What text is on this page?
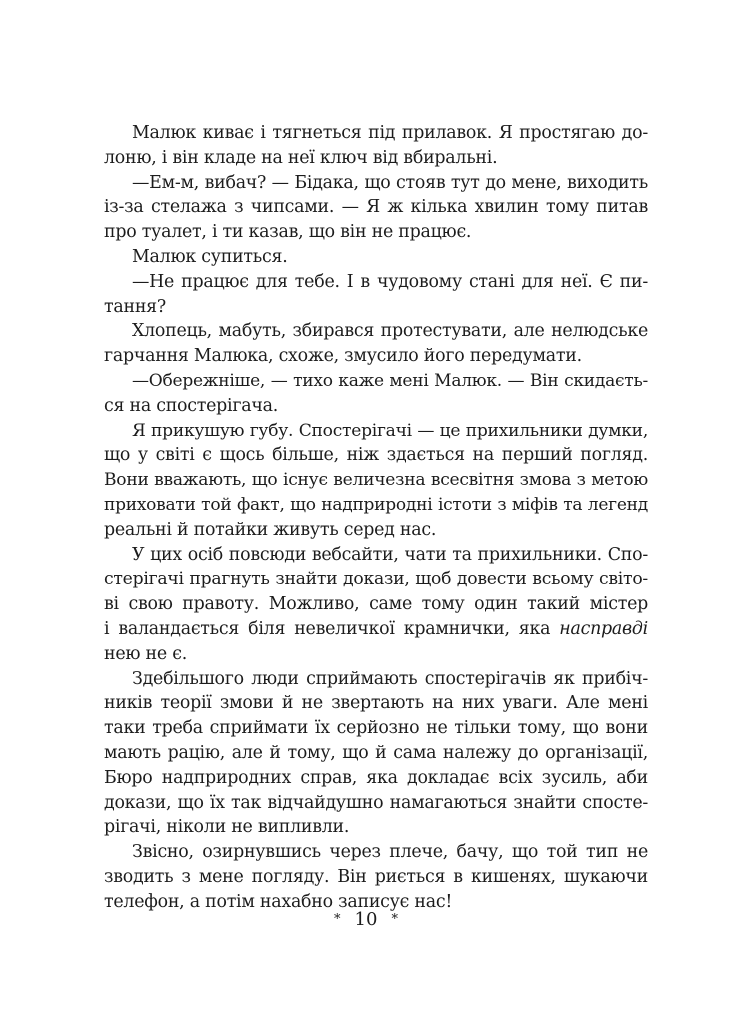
Малюк киває і тягнеться під прилавок. Я простягаю до-
лоню, і він кладе на неї ключ від вбиральні.
—Ем-м, вибач? — Бідака, що стояв тут до мене, виходить
із-за стелажа з чипсами. — Я ж кілька хвилин тому питав
про туалет, і ти казав, що він не працює.
Малюк супиться.
—Не працює для тебе. І в чудовому стані для неї. Є пи-
тання?
Хлопець, мабуть, збирався протестувати, але нелюдське
гарчання Малюка, схоже, змусило його передумати.
—Обережніше, — тихо каже мені Малюк. — Він скидаєть-
ся на спостерігача.
Я прикушую губу. Спостерігачі — це прихильники думки,
що у світі є щось більше, ніж здається на перший погляд.
Вони вважають, що існує величезна всесвітня змова з метою
приховати той факт, що надприродні істоти з міфів та легенд
реальні й потайки живуть серед нас.
У цих осіб повсюди вебсайти, чати та прихильники. Спо-
стерігачі прагнуть знайти докази, щоб довести всьому світо-
ві свою правоту. Можливо, саме тому один такий містер
і валандається біля невеличкої крамнички, яка насправді
нею не є.
Здебільшого люди сприймають спостерігачів як прибіч-
ників теорії змови й не звертають на них уваги. Але мені
таки треба сприймати їх серйозно не тільки тому, що вони
мають рацію, але й тому, що й сама належу до організації,
Бюро надприродних справ, яка докладає всіх зусиль, аби
докази, що їх так відчайдушно намагаються знайти спосте-
рігачі, ніколи не випливли.
Звісно, озирнувшись через плече, бачу, що той тип не
зводить з мене погляду. Він риється в кишенях, шукаючи
телефон, а потім нахабно записує нас!
* 10 *
